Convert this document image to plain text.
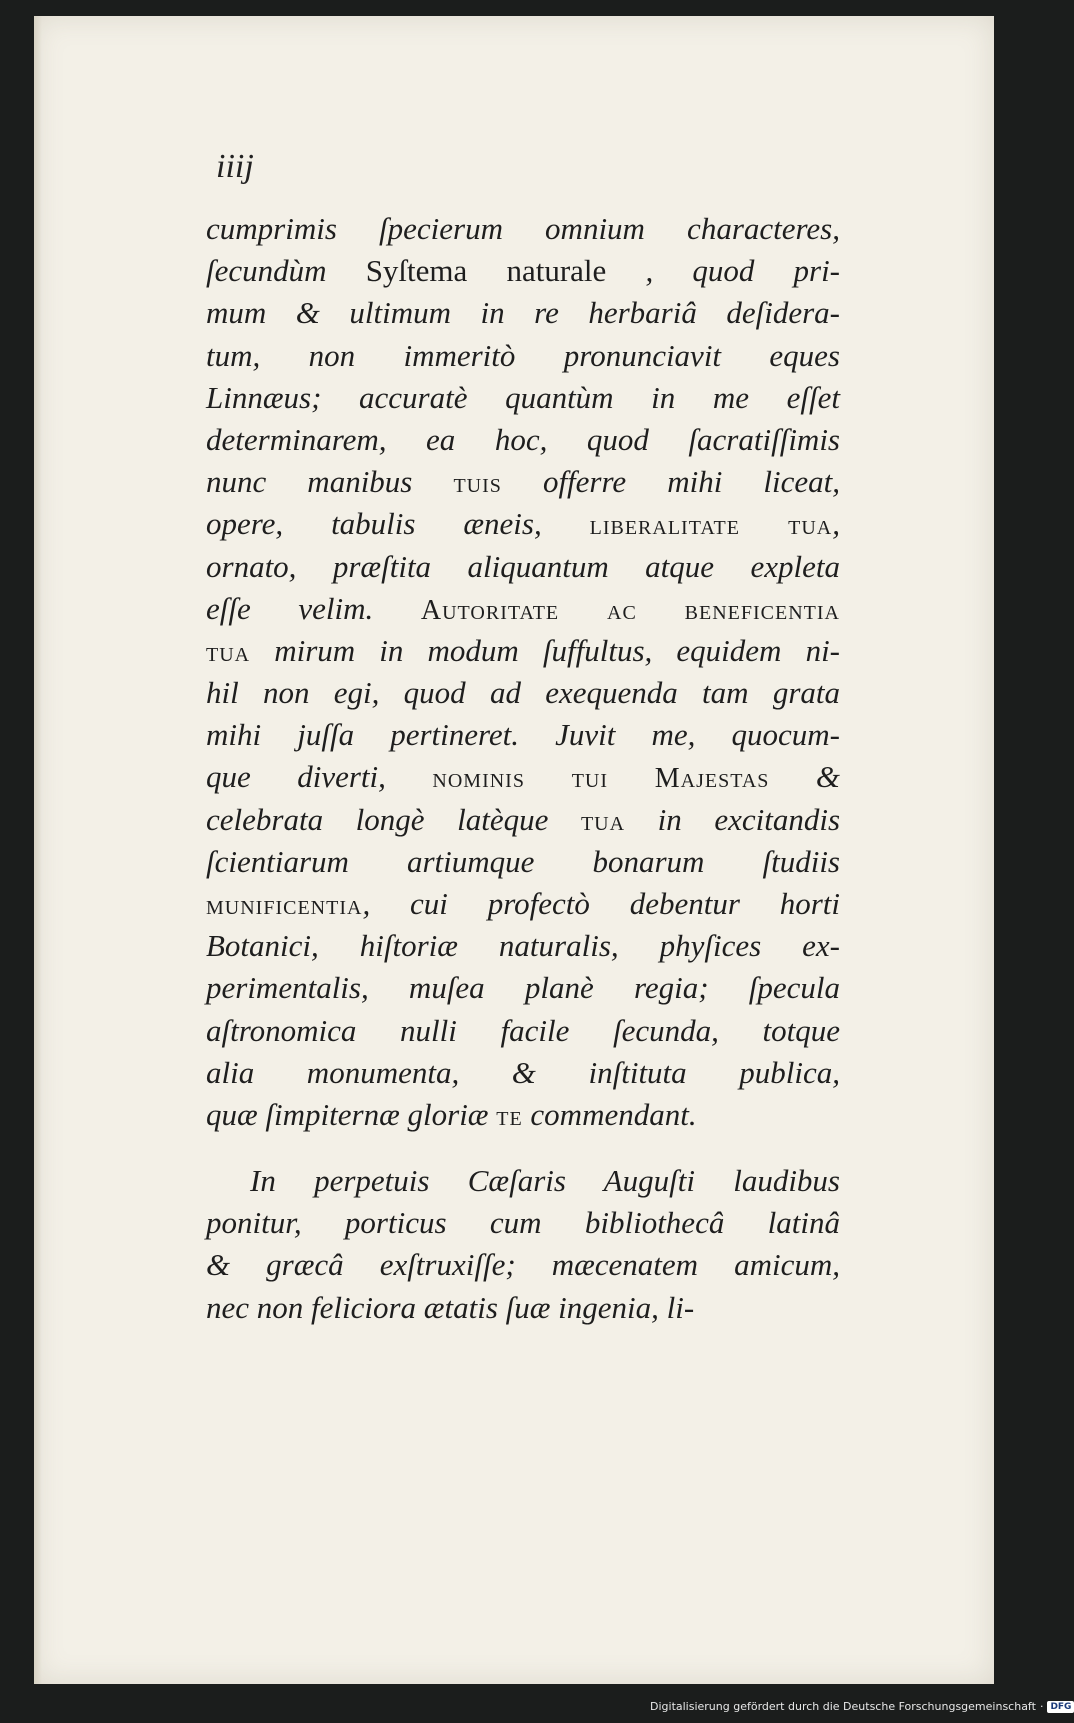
iiij
cumprimis ſpecierum omnium characteres,
ſecundùm Syſtema naturale , quod pri-
mum & ultimum in re herbariâ deſidera-
tum, non immeritò pronunciavit eques
Linnæus; accuratè quantùm in me eſſet
determinarem, ea hoc, quod ſacratiſſimis
nunc manibus tuis offerre mihi liceat,
opere, tabulis æneis, liberalitate tua,
ornato, præſtita aliquantum atque expleta
eſſe velim. Autoritate ac beneficentia
tua mirum in modum ſuffultus, equidem ni-
hil non egi, quod ad exequenda tam grata
mihi juſſa pertineret. Juvit me, quocum-
que diverti, nominis tui Majestas &
celebrata longè latèque tua in excitandis
ſcientiarum artiumque bonarum ſtudiis
munificentia, cui profectò debentur horti
Botanici, hiſtoriæ naturalis, phyſices ex-
perimentalis, muſea planè regia; ſpecula
aſtronomica nulli facile ſecunda, totque
alia monumenta, & inſtituta publica,
quæ ſimpiternæ gloriæ te commendant.
In perpetuis Cæſaris Auguſti laudibus
ponitur, porticus cum bibliothecâ latinâ
& græcâ exſtruxiſſe; mæcenatem amicum,
nec non feliciora ætatis ſuæ ingenia, li-
Digitalisierung gefördert durch die Deutsche Forschungsgemeinschaft · DFG
